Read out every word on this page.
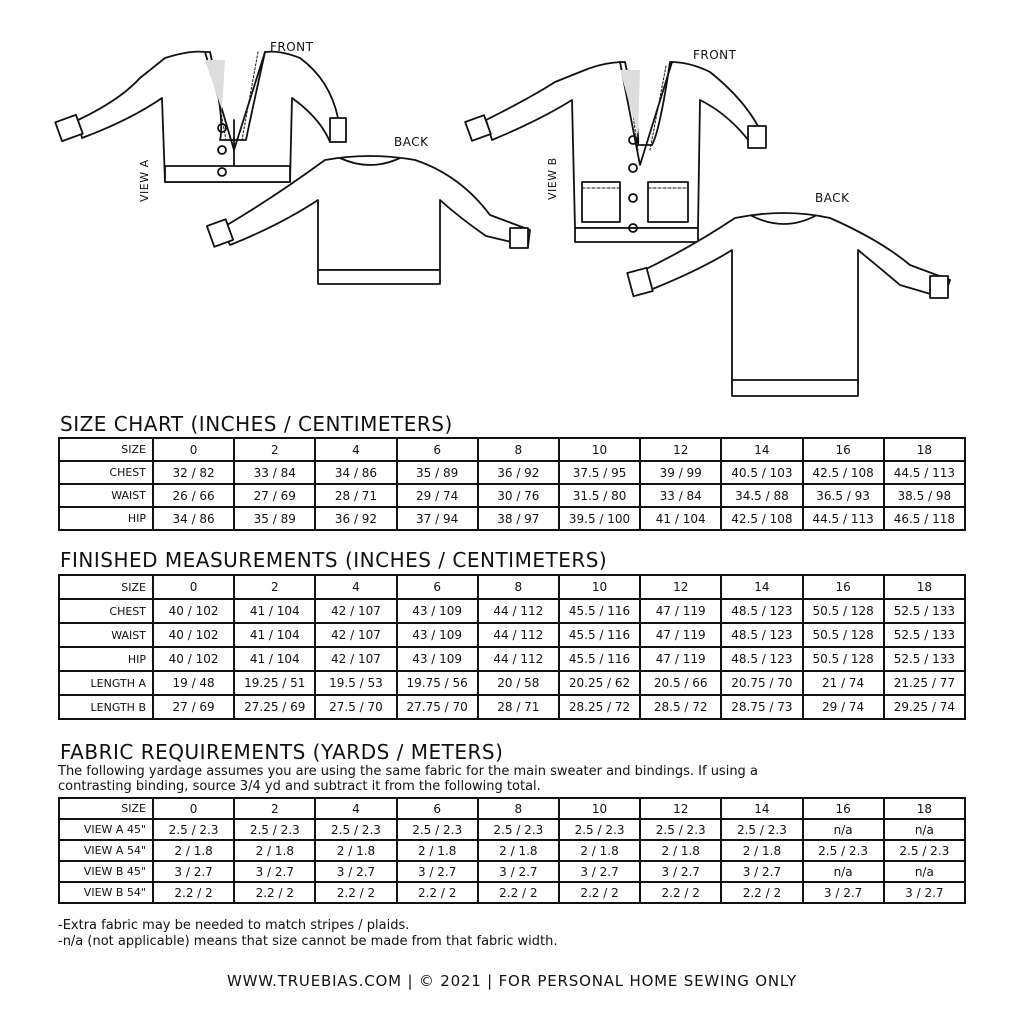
FRONT
BACK
VIEW A
FRONT
BACK
VIEW B
SIZE CHART (INCHES / CENTIMETERS)
SIZE	0	2	4	6	8	10	12	14	16	18
CHEST	32 / 82	33 / 84	34 / 86	35 / 89	36 / 92	37.5 / 95	39 / 99	40.5 / 103	42.5 / 108	44.5 / 113
WAIST	26 / 66	27 / 69	28 / 71	29 / 74	30 / 76	31.5 / 80	33 / 84	34.5 / 88	36.5 / 93	38.5 / 98
HIP	34 / 86	35 / 89	36 / 92	37 / 94	38 / 97	39.5 / 100	41 / 104	42.5 / 108	44.5 / 113	46.5 / 118
FINISHED MEASUREMENTS (INCHES / CENTIMETERS)
SIZE	0	2	4	6	8	10	12	14	16	18
CHEST	40 / 102	41 / 104	42 / 107	43 / 109	44 / 112	45.5 / 116	47 / 119	48.5 / 123	50.5 / 128	52.5 / 133
WAIST	40 / 102	41 / 104	42 / 107	43 / 109	44 / 112	45.5 / 116	47 / 119	48.5 / 123	50.5 / 128	52.5 / 133
HIP	40 / 102	41 / 104	42 / 107	43 / 109	44 / 112	45.5 / 116	47 / 119	48.5 / 123	50.5 / 128	52.5 / 133
LENGTH A	19 / 48	19.25 / 51	19.5 / 53	19.75 / 56	20 / 58	20.25 / 62	20.5 / 66	20.75 / 70	21 / 74	21.25 / 77
LENGTH B	27 / 69	27.25 / 69	27.5 / 70	27.75 / 70	28 / 71	28.25 / 72	28.5 / 72	28.75 / 73	29 / 74	29.25 / 74
FABRIC REQUIREMENTS (YARDS / METERS)
The following yardage assumes you are using the same fabric for the main sweater and bindings. If using a
contrasting binding, source 3/4 yd and subtract it from the following total.
SIZE	0	2	4	6	8	10	12	14	16	18
VIEW A 45"	2.5 / 2.3	2.5 / 2.3	2.5 / 2.3	2.5 / 2.3	2.5 / 2.3	2.5 / 2.3	2.5 / 2.3	2.5 / 2.3	n/a	n/a
VIEW A 54"	2 / 1.8	2 / 1.8	2 / 1.8	2 / 1.8	2 / 1.8	2 / 1.8	2 / 1.8	2 / 1.8	2.5 / 2.3	2.5 / 2.3
VIEW B 45"	3 / 2.7	3 / 2.7	3 / 2.7	3 / 2.7	3 / 2.7	3 / 2.7	3 / 2.7	3 / 2.7	n/a	n/a
VIEW B 54"	2.2 / 2	2.2 / 2	2.2 / 2	2.2 / 2	2.2 / 2	2.2 / 2	2.2 / 2	2.2 / 2	3 / 2.7	3 / 2.7
-Extra fabric may be needed to match stripes / plaids.
-n/a (not applicable) means that size cannot be made from that fabric width.
WWW.TRUEBIAS.COM | © 2021 | FOR PERSONAL HOME SEWING ONLY
